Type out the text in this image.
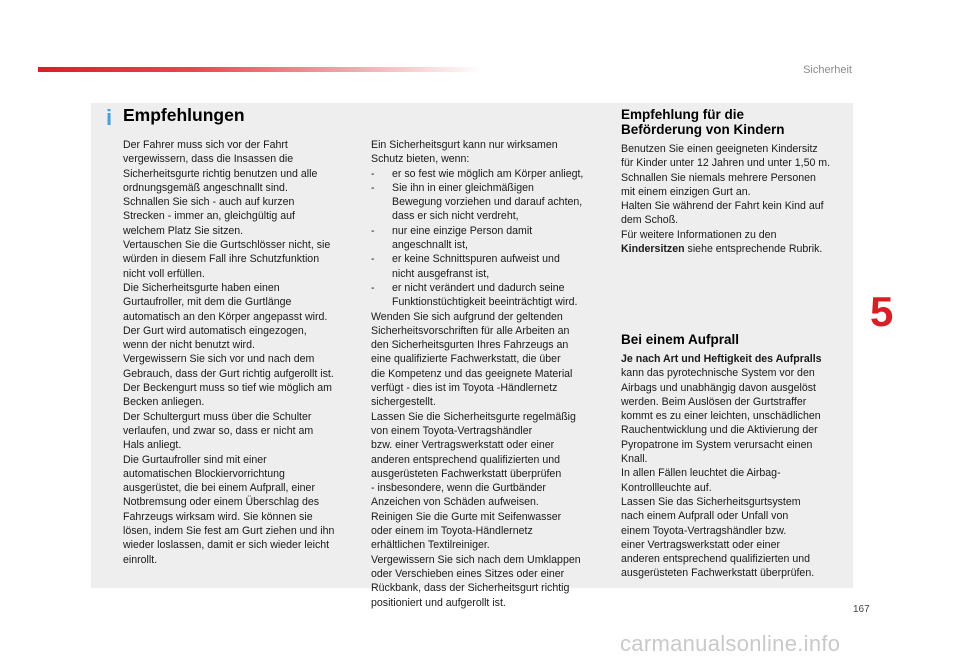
Sicherheit
5
i Empfehlungen

Der Fahrer muss sich vor der Fahrt
vergewissern, dass die Insassen die
Sicherheitsgurte richtig benutzen und alle
ordnungsgemäß angeschnallt sind.
Schnallen Sie sich - auch auf kurzen
Strecken - immer an, gleichgültig auf
welchem Platz Sie sitzen.
Vertauschen Sie die Gurtschlösser nicht, sie
würden in diesem Fall ihre Schutzfunktion
nicht voll erfüllen.
Die Sicherheitsgurte haben einen
Gurtaufroller, mit dem die Gurtlänge
automatisch an den Körper angepasst wird.
Der Gurt wird automatisch eingezogen,
wenn der nicht benutzt wird.
Vergewissern Sie sich vor und nach dem
Gebrauch, dass der Gurt richtig aufgerollt ist.
Der Beckengurt muss so tief wie möglich am
Becken anliegen.
Der Schultergurt muss über die Schulter
verlaufen, und zwar so, dass er nicht am
Hals anliegt.
Die Gurtaufroller sind mit einer
automatischen Blockiervorrichtung
ausgerüstet, die bei einem Aufprall, einer
Notbremsung oder einem Überschlag des
Fahrzeugs wirksam wird. Sie können sie
lösen, indem Sie fest am Gurt ziehen und ihn
wieder loslassen, damit er sich wieder leicht
einrollt.

Ein Sicherheitsgurt kann nur wirksamen
Schutz bieten, wenn:

- er so fest wie möglich am Körper anliegt,
- Sie ihn in einer gleichmäßigen
Bewegung vorziehen und darauf achten,
dass er sich nicht verdreht,
- nur eine einzige Person damit
angeschnallt ist,
- er keine Schnittspuren aufweist und
nicht ausgefranst ist,
- er nicht verändert und dadurch seine
Funktionstüchtigkeit beeinträchtigt wird.

Wenden Sie sich aufgrund der geltenden
Sicherheitsvorschriften für alle Arbeiten an
den Sicherheitsgurten Ihres Fahrzeugs an
eine qualifizierte Fachwerkstatt, die über
die Kompetenz und das geeignete Material
verfügt - dies ist im Toyota -Händlernetz
sichergestellt.
Lassen Sie die Sicherheitsgurte regelmäßig
von einem Toyota-Vertragshändler
bzw. einer Vertragswerkstatt oder einer
anderen entsprechend qualifizierten und
ausgerüsteten Fachwerkstatt überprüfen
- insbesondere, wenn die Gurtbänder
Anzeichen von Schäden aufweisen.
Reinigen Sie die Gurte mit Seifenwasser
oder einem im Toyota-Händlernetz
erhältlichen Textilreiniger.
Vergewissern Sie sich nach dem Umklappen
oder Verschieben eines Sitzes oder einer
Rückbank, dass der Sicherheitsgurt richtig
positioniert und aufgerollt ist.

Empfehlung für die
Beförderung von Kindern

Benutzen Sie einen geeigneten Kindersitz
für Kinder unter 12 Jahren und unter 1,50 m.
Schnallen Sie niemals mehrere Personen
mit einem einzigen Gurt an.
Halten Sie während der Fahrt kein Kind auf
dem Schoß.
Für weitere Informationen zu den
Kindersitzen siehe entsprechende Rubrik.

Bei einem Aufprall

Je nach Art und Heftigkeit des Aufpralls
kann das pyrotechnische System vor den
Airbags und unabhängig davon ausgelöst
werden. Beim Auslösen der Gurtstraffer
kommt es zu einer leichten, unschädlichen
Rauchentwicklung und die Aktivierung der
Pyropatrone im System verursacht einen
Knall.
In allen Fällen leuchtet die Airbag-
Kontrollleuchte auf.
Lassen Sie das Sicherheitsgurtsystem
nach einem Aufprall oder Unfall von
einem Toyota-Vertragshändler bzw.
einer Vertragswerkstatt oder einer
anderen entsprechend qualifizierten und
ausgerüsteten Fachwerkstatt überprüfen.

167
carmanualsonline.info
